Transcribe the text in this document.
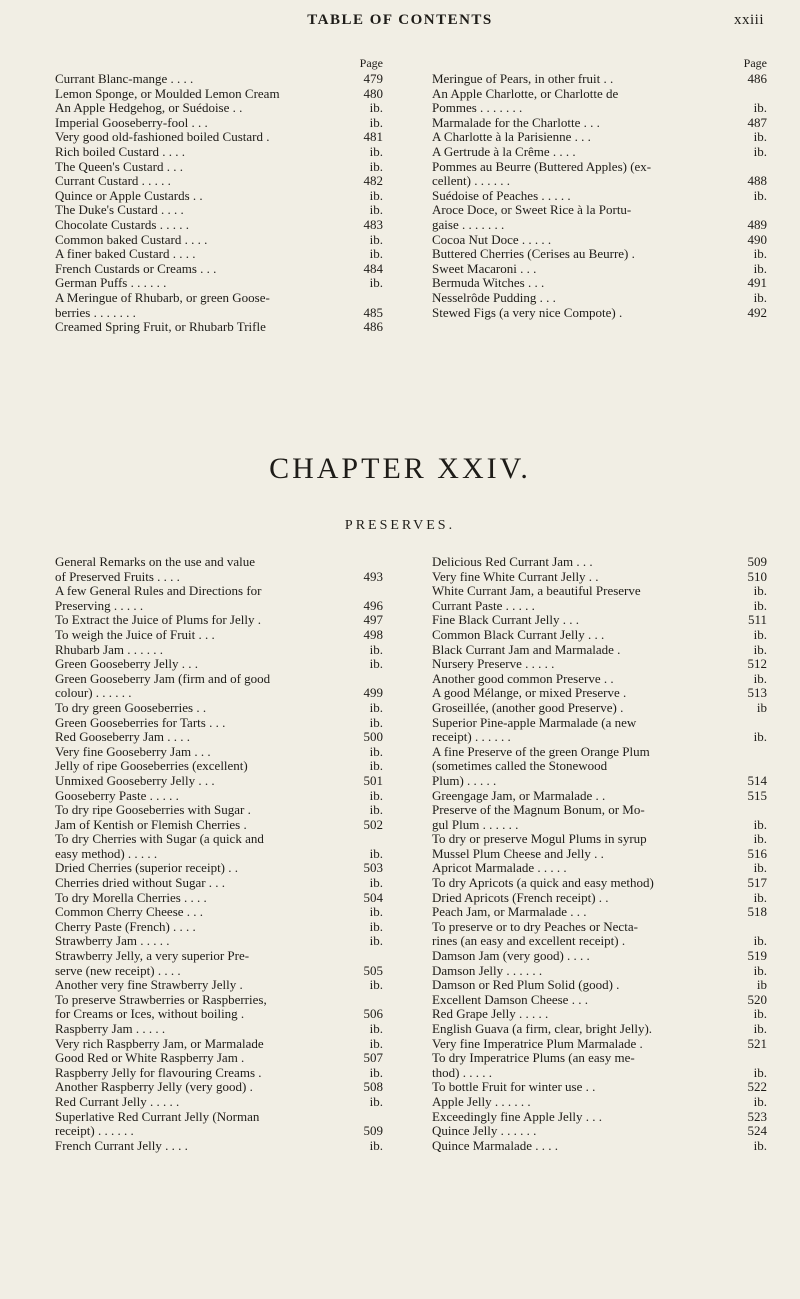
TABLE OF CONTENTS	xxiii
Page
Currant Blanc-mange . . . .	479
Lemon Sponge, or Moulded Lemon Cream	480
An Apple Hedgehog, or Suédoise . .	ib.
Imperial Gooseberry-fool . . .	ib.
Very good old-fashioned boiled Custard .	481
Rich boiled Custard . . . .	ib.
The Queen's Custard . . .	ib.
Currant Custard . . . . .	482
Quince or Apple Custards . .	ib.
The Duke's Custard . . . .	ib.
Chocolate Custards . . . . .	483
Common baked Custard . . . .	ib.
A finer baked Custard . . . .	ib.
French Custards or Creams . . .	484
German Puffs . . . . . .	ib.
A Meringue of Rhubarb, or green Goose-
berries . . . . . . .	485
Creamed Spring Fruit, or Rhubarb Trifle	486
Page
Meringue of Pears, in other fruit . .	486
An Apple Charlotte, or Charlotte de
Pommes . . . . . . .	ib.
Marmalade for the Charlotte . . .	487
A Charlotte à la Parisienne . . .	ib.
A Gertrude à la Crême . . . .	ib.
Pommes au Beurre (Buttered Apples) (ex-
cellent) . . . . . .	488
Suédoise of Peaches . . . . .	ib.
Aroce Doce, or Sweet Rice à la Portu-
gaise . . . . . . .	489
Cocoa Nut Doce . . . . .	490
Buttered Cherries (Cerises au Beurre) .	ib.
Sweet Macaroni . . .	ib.
Bermuda Witches . . .	491
Nesselrôde Pudding . . .	ib.
Stewed Figs (a very nice Compote) .	492
CHAPTER XXIV.
PRESERVES.
General Remarks on the use and value
of Preserved Fruits . . . .	493
A few General Rules and Directions for
Preserving . . . . .	496
To Extract the Juice of Plums for Jelly .	497
To weigh the Juice of Fruit . . .	498
Rhubarb Jam . . . . . .	ib.
Green Gooseberry Jelly . . .	ib.
Green Gooseberry Jam (firm and of good
colour) . . . . . .	499
To dry green Gooseberries . .	ib.
Green Gooseberries for Tarts . . .	ib.
Red Gooseberry Jam . . . .	500
Very fine Gooseberry Jam . . .	ib.
Jelly of ripe Gooseberries (excellent)	ib.
Unmixed Gooseberry Jelly . . .	501
Gooseberry Paste . . . . .	ib.
To dry ripe Gooseberries with Sugar .	ib.
Jam of Kentish or Flemish Cherries .	502
To dry Cherries with Sugar (a quick and
easy method) . . . . .	ib.
Dried Cherries (superior receipt) . .	503
Cherries dried without Sugar . . .	ib.
To dry Morella Cherries . . . .	504
Common Cherry Cheese . . .	ib.
Cherry Paste (French) . . . .	ib.
Strawberry Jam . . . . .	ib.
Strawberry Jelly, a very superior Pre-
serve (new receipt) . . . .	505
Another very fine Strawberry Jelly .	ib.
To preserve Strawberries or Raspberries,
for Creams or Ices, without boiling .	506
Raspberry Jam . . . . .	ib.
Very rich Raspberry Jam, or Marmalade	ib.
Good Red or White Raspberry Jam .	507
Raspberry Jelly for flavouring Creams .	ib.
Another Raspberry Jelly (very good) .	508
Red Currant Jelly . . . . .	ib.
Superlative Red Currant Jelly (Norman
receipt) . . . . . .	509
French Currant Jelly . . . .	ib.
Delicious Red Currant Jam . . .	509
Very fine White Currant Jelly . .	510
White Currant Jam, a beautiful Preserve	ib.
Currant Paste . . . . .	ib.
Fine Black Currant Jelly . . .	511
Common Black Currant Jelly . . .	ib.
Black Currant Jam and Marmalade .	ib.
Nursery Preserve . . . . .	512
Another good common Preserve . .	ib.
A good Mélange, or mixed Preserve .	513
Groseillée, (another good Preserve) .	ib
Superior Pine-apple Marmalade (a new
receipt) . . . . . .	ib.
A fine Preserve of the green Orange Plum
(sometimes called the Stonewood
Plum) . . . . .	514
Greengage Jam, or Marmalade . .	515
Preserve of the Magnum Bonum, or Mo-
gul Plum . . . . . .	ib.
To dry or preserve Mogul Plums in syrup	ib.
Mussel Plum Cheese and Jelly . .	516
Apricot Marmalade . . . . .	ib.
To dry Apricots (a quick and easy method)	517
Dried Apricots (French receipt) . .	ib.
Peach Jam, or Marmalade . . .	518
To preserve or to dry Peaches or Necta-
rines (an easy and excellent receipt) .	ib.
Damson Jam (very good) . . . .	519
Damson Jelly . . . . . .	ib.
Damson or Red Plum Solid (good) .	ib
Excellent Damson Cheese . . .	520
Red Grape Jelly . . . . .	ib.
English Guava (a firm, clear, bright Jelly).	ib.
Very fine Imperatrice Plum Marmalade .	521
To dry Imperatrice Plums (an easy me-
thod) . . . . .	ib.
To bottle Fruit for winter use . .	522
Apple Jelly . . . . . .	ib.
Exceedingly fine Apple Jelly . . .	523
Quince Jelly . . . . . .	524
Quince Marmalade . . . .	ib.
